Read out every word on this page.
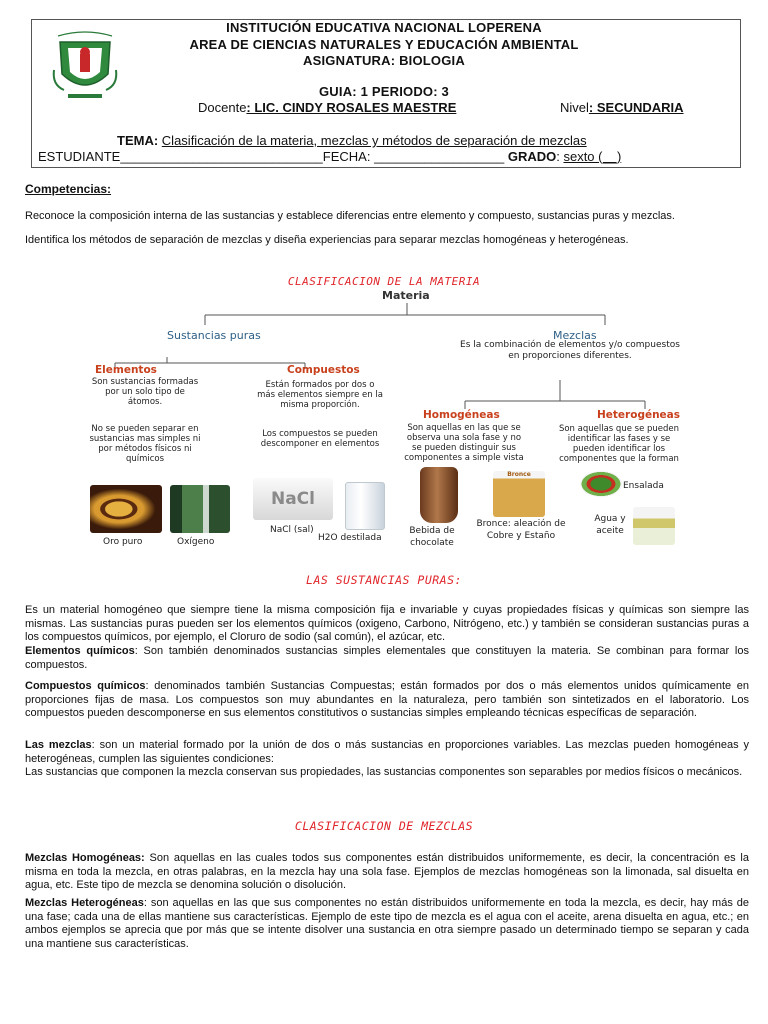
INSTITUCIÓN EDUCATIVA NACIONAL LOPERENA
AREA DE CIENCIAS NATURALES Y EDUCACIÓN AMBIENTAL
ASIGNATURA: BIOLOGIA
GUIA: 1 PERIODO: 3
Docente: LIC. CINDY ROSALES MAESTRE	Nivel: SECUNDARIA
TEMA: Clasificación de la materia, mezclas y métodos de separación de mezclas
ESTUDIANTE____________________________FECHA: __________________ GRADO: sexto (__)
Competencias:
Reconoce la composición interna de las sustancias y establece diferencias entre elemento y compuesto, sustancias puras y mezclas.
Identifica los métodos de separación de mezclas y diseña experiencias para separar mezclas homogéneas y heterogéneas.
CLASIFICACION DE LA MATERIA
Materia
Sustancias puras	Mezclas
Es la combinación de elementos y/o compuestos en proporciones diferentes.
Elementos
Son sustancias formadas por un solo tipo de átomos.
No se pueden separar en sustancias mas simples ni por métodos físicos ni químicos
Compuestos
Están formados por dos o más elementos siempre en la misma proporción.
Los compuestos se pueden descomponer en elementos
Homogéneas
Son aquellas en las que se observa una sola fase y no se pueden distinguir sus componentes a simple vista
Heterogéneas
Son aquellas que se pueden identificar las fases y se pueden identificar los componentes que la forman
NaCl
Bronce
Oro puro	Oxígeno
NaCl (sal)
H2O destilada
Bebida de chocolate
Bronce: aleación de Cobre y Estaño
Ensalada
Agua y aceite
LAS SUSTANCIAS PURAS:
Es un material homogéneo que siempre tiene la misma composición fija e invariable y cuyas propiedades físicas y químicas son siempre las mismas. Las sustancias puras pueden ser los elementos químicos (oxigeno, Carbono, Nitrógeno, etc.) y también se consideran sustancias puras a los compuestos químicos, por ejemplo, el Cloruro de sodio (sal común), el azúcar, etc.
Elementos químicos: Son también denominados sustancias simples elementales que constituyen la materia. Se combinan para formar los compuestos.
Compuestos químicos: denominados también Sustancias Compuestas; están formados por dos o más elementos unidos químicamente en proporciones fijas de masa. Los compuestos son muy abundantes en la naturaleza, pero también son sintetizados en el laboratorio. Los compuestos pueden descomponerse en sus elementos constitutivos o sustancias simples empleando técnicas específicas de separación.
Las mezclas: son un material formado por la unión de dos o más sustancias en proporciones variables. Las mezclas pueden homogéneas y heterogéneas, cumplen las siguientes condiciones:
Las sustancias que componen la mezcla conservan sus propiedades, las sustancias componentes son separables por medios físicos o mecánicos.
CLASIFICACION DE MEZCLAS
Mezclas Homogéneas: Son aquellas en las cuales todos sus componentes están distribuidos uniformemente, es decir, la concentración es la misma en toda la mezcla, en otras palabras, en la mezcla hay una sola fase. Ejemplos de mezclas homogéneas son la limonada, sal disuelta en agua, etc. Este tipo de mezcla se denomina solución o disolución.
Mezclas Heterogéneas: son aquellas en las que sus componentes no están distribuidos uniformemente en toda la mezcla, es decir, hay más de una fase; cada una de ellas mantiene sus características. Ejemplo de este tipo de mezcla es el agua con el aceite, arena disuelta en agua, etc.; en ambos ejemplos se aprecia que por más que se intente disolver una sustancia en otra siempre pasado un determinado tiempo se separan y cada una mantiene sus características.
